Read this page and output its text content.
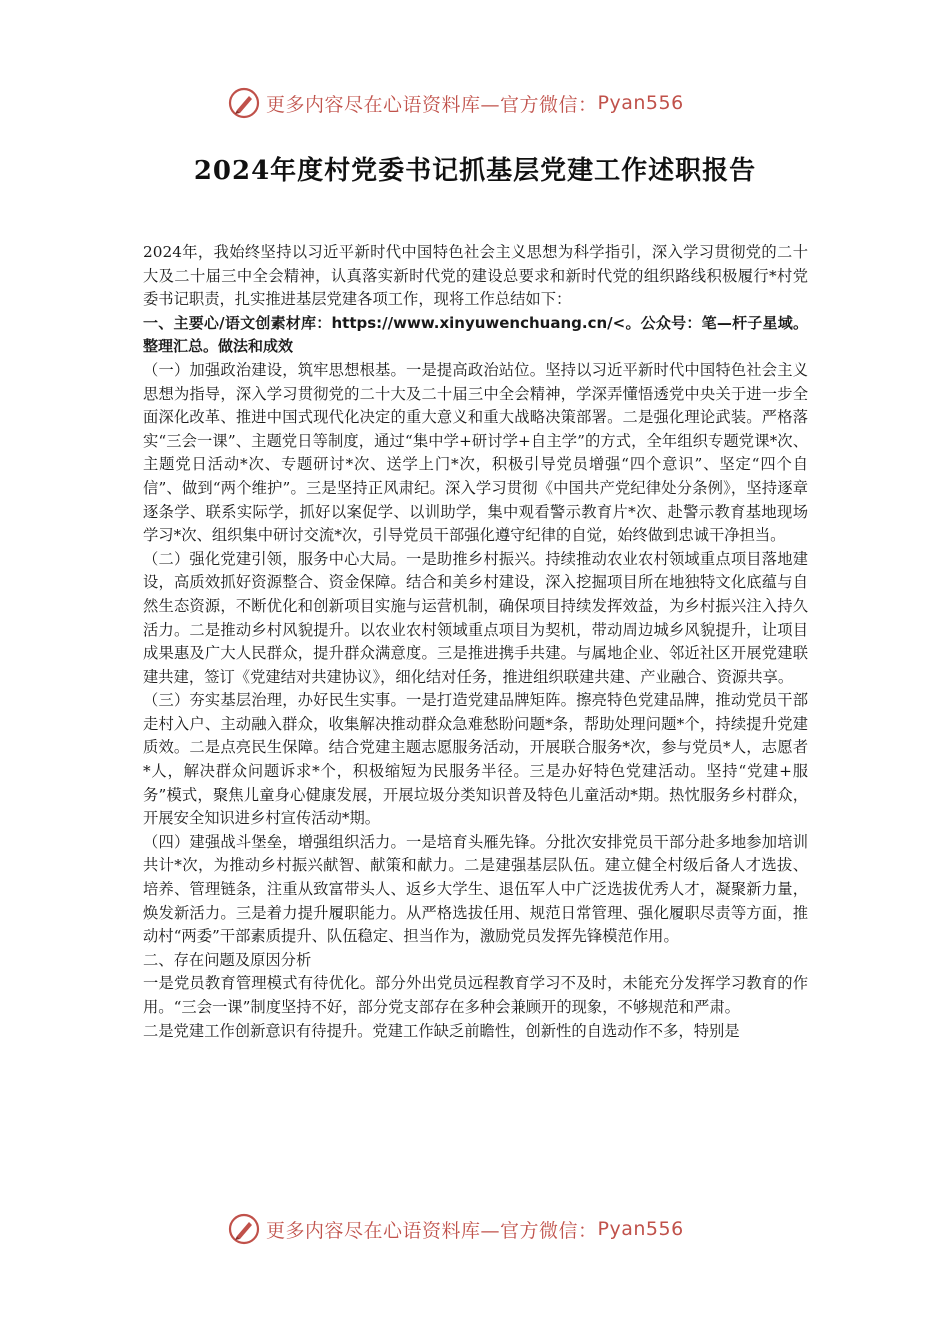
更多内容尽在心语资料库—官方微信： Pyan556
2024年度村党委书记抓基层党建工作述职报告

2024年，我始终坚持以习近平新时代中国特色社会主义思想为科学指引，深入学习贯彻党的二十大及二十届三中全会精神，认真落实新时代党的建设总要求和新时代党的组织路线积极履行*村党委书记职责，扎实推进基层党建各项工作，现将工作总结如下：

一、主要心/语文创素材库：https://www.xinyuwenchuang.cn/<。公众号：笔—杆子星域。整理汇总。做法和成效

（一）加强政治建设，筑牢思想根基。一是提高政治站位。坚持以习近平新时代中国特色社会主义思想为指导，深入学习贯彻党的二十大及二十届三中全会精神，学深弄懂悟透党中央关于进一步全面深化改革、推进中国式现代化决定的重大意义和重大战略决策部署。二是强化理论武装。严格落实“三会一课”、主题党日等制度，通过“集中学+研讨学+自主学”的方式，全年组织专题党课*次、主题党日活动*次、专题研讨*次、送学上门*次，积极引导党员增强“四个意识”、坚定“四个自信”、做到“两个维护”。三是坚持正风肃纪。深入学习贯彻《中国共产党纪律处分条例》，坚持逐章逐条学、联系实际学，抓好以案促学、以训助学，集中观看警示教育片*次、赴警示教育基地现场学习*次、组织集中研讨交流*次，引导党员干部强化遵守纪律的自觉，始终做到忠诚干净担当。

（二）强化党建引领，服务中心大局。一是助推乡村振兴。持续推动农业农村领域重点项目落地建设，高质效抓好资源整合、资金保障。结合和美乡村建设，深入挖掘项目所在地独特文化底蕴与自然生态资源，不断优化和创新项目实施与运营机制，确保项目持续发挥效益，为乡村振兴注入持久活力。二是推动乡村风貌提升。以农业农村领域重点项目为契机，带动周边城乡风貌提升，让项目成果惠及广大人民群众，提升群众满意度。三是推进携手共建。与属地企业、邻近社区开展党建联建共建，签订《党建结对共建协议》，细化结对任务，推进组织联建共建、产业融合、资源共享。

（三）夯实基层治理，办好民生实事。一是打造党建品牌矩阵。擦亮特色党建品牌，推动党员干部走村入户、主动融入群众，收集解决推动群众急难愁盼问题*条，帮助处理问题*个，持续提升党建质效。二是点亮民生保障。结合党建主题志愿服务活动，开展联合服务*次，参与党员*人，志愿者*人，解决群众问题诉求*个，积极缩短为民服务半径。三是办好特色党建活动。坚持“党建+服务”模式，聚焦儿童身心健康发展，开展垃圾分类知识普及特色儿童活动*期。热忱服务乡村群众，开展安全知识进乡村宣传活动*期。

（四）建强战斗堡垒，增强组织活力。一是培育头雁先锋。分批次安排党员干部分赴多地参加培训共计*次，为推动乡村振兴献智、献策和献力。二是建强基层队伍。建立健全村级后备人才选拔、培养、管理链条，注重从致富带头人、返乡大学生、退伍军人中广泛选拔优秀人才，凝聚新力量，焕发新活力。三是着力提升履职能力。从严格选拔任用、规范日常管理、强化履职尽责等方面，推动村“两委”干部素质提升、队伍稳定、担当作为，激励党员发挥先锋模范作用。

二、存在问题及原因分析

一是党员教育管理模式有待优化。部分外出党员远程教育学习不及时，未能充分发挥学习教育的作用。“三会一课”制度坚持不好，部分党支部存在多种会兼顾开的现象，不够规范和严肃。

二是党建工作创新意识有待提升。党建工作缺乏前瞻性，创新性的自选动作不多，特别是

更多内容尽在心语资料库—官方微信： Pyan556
